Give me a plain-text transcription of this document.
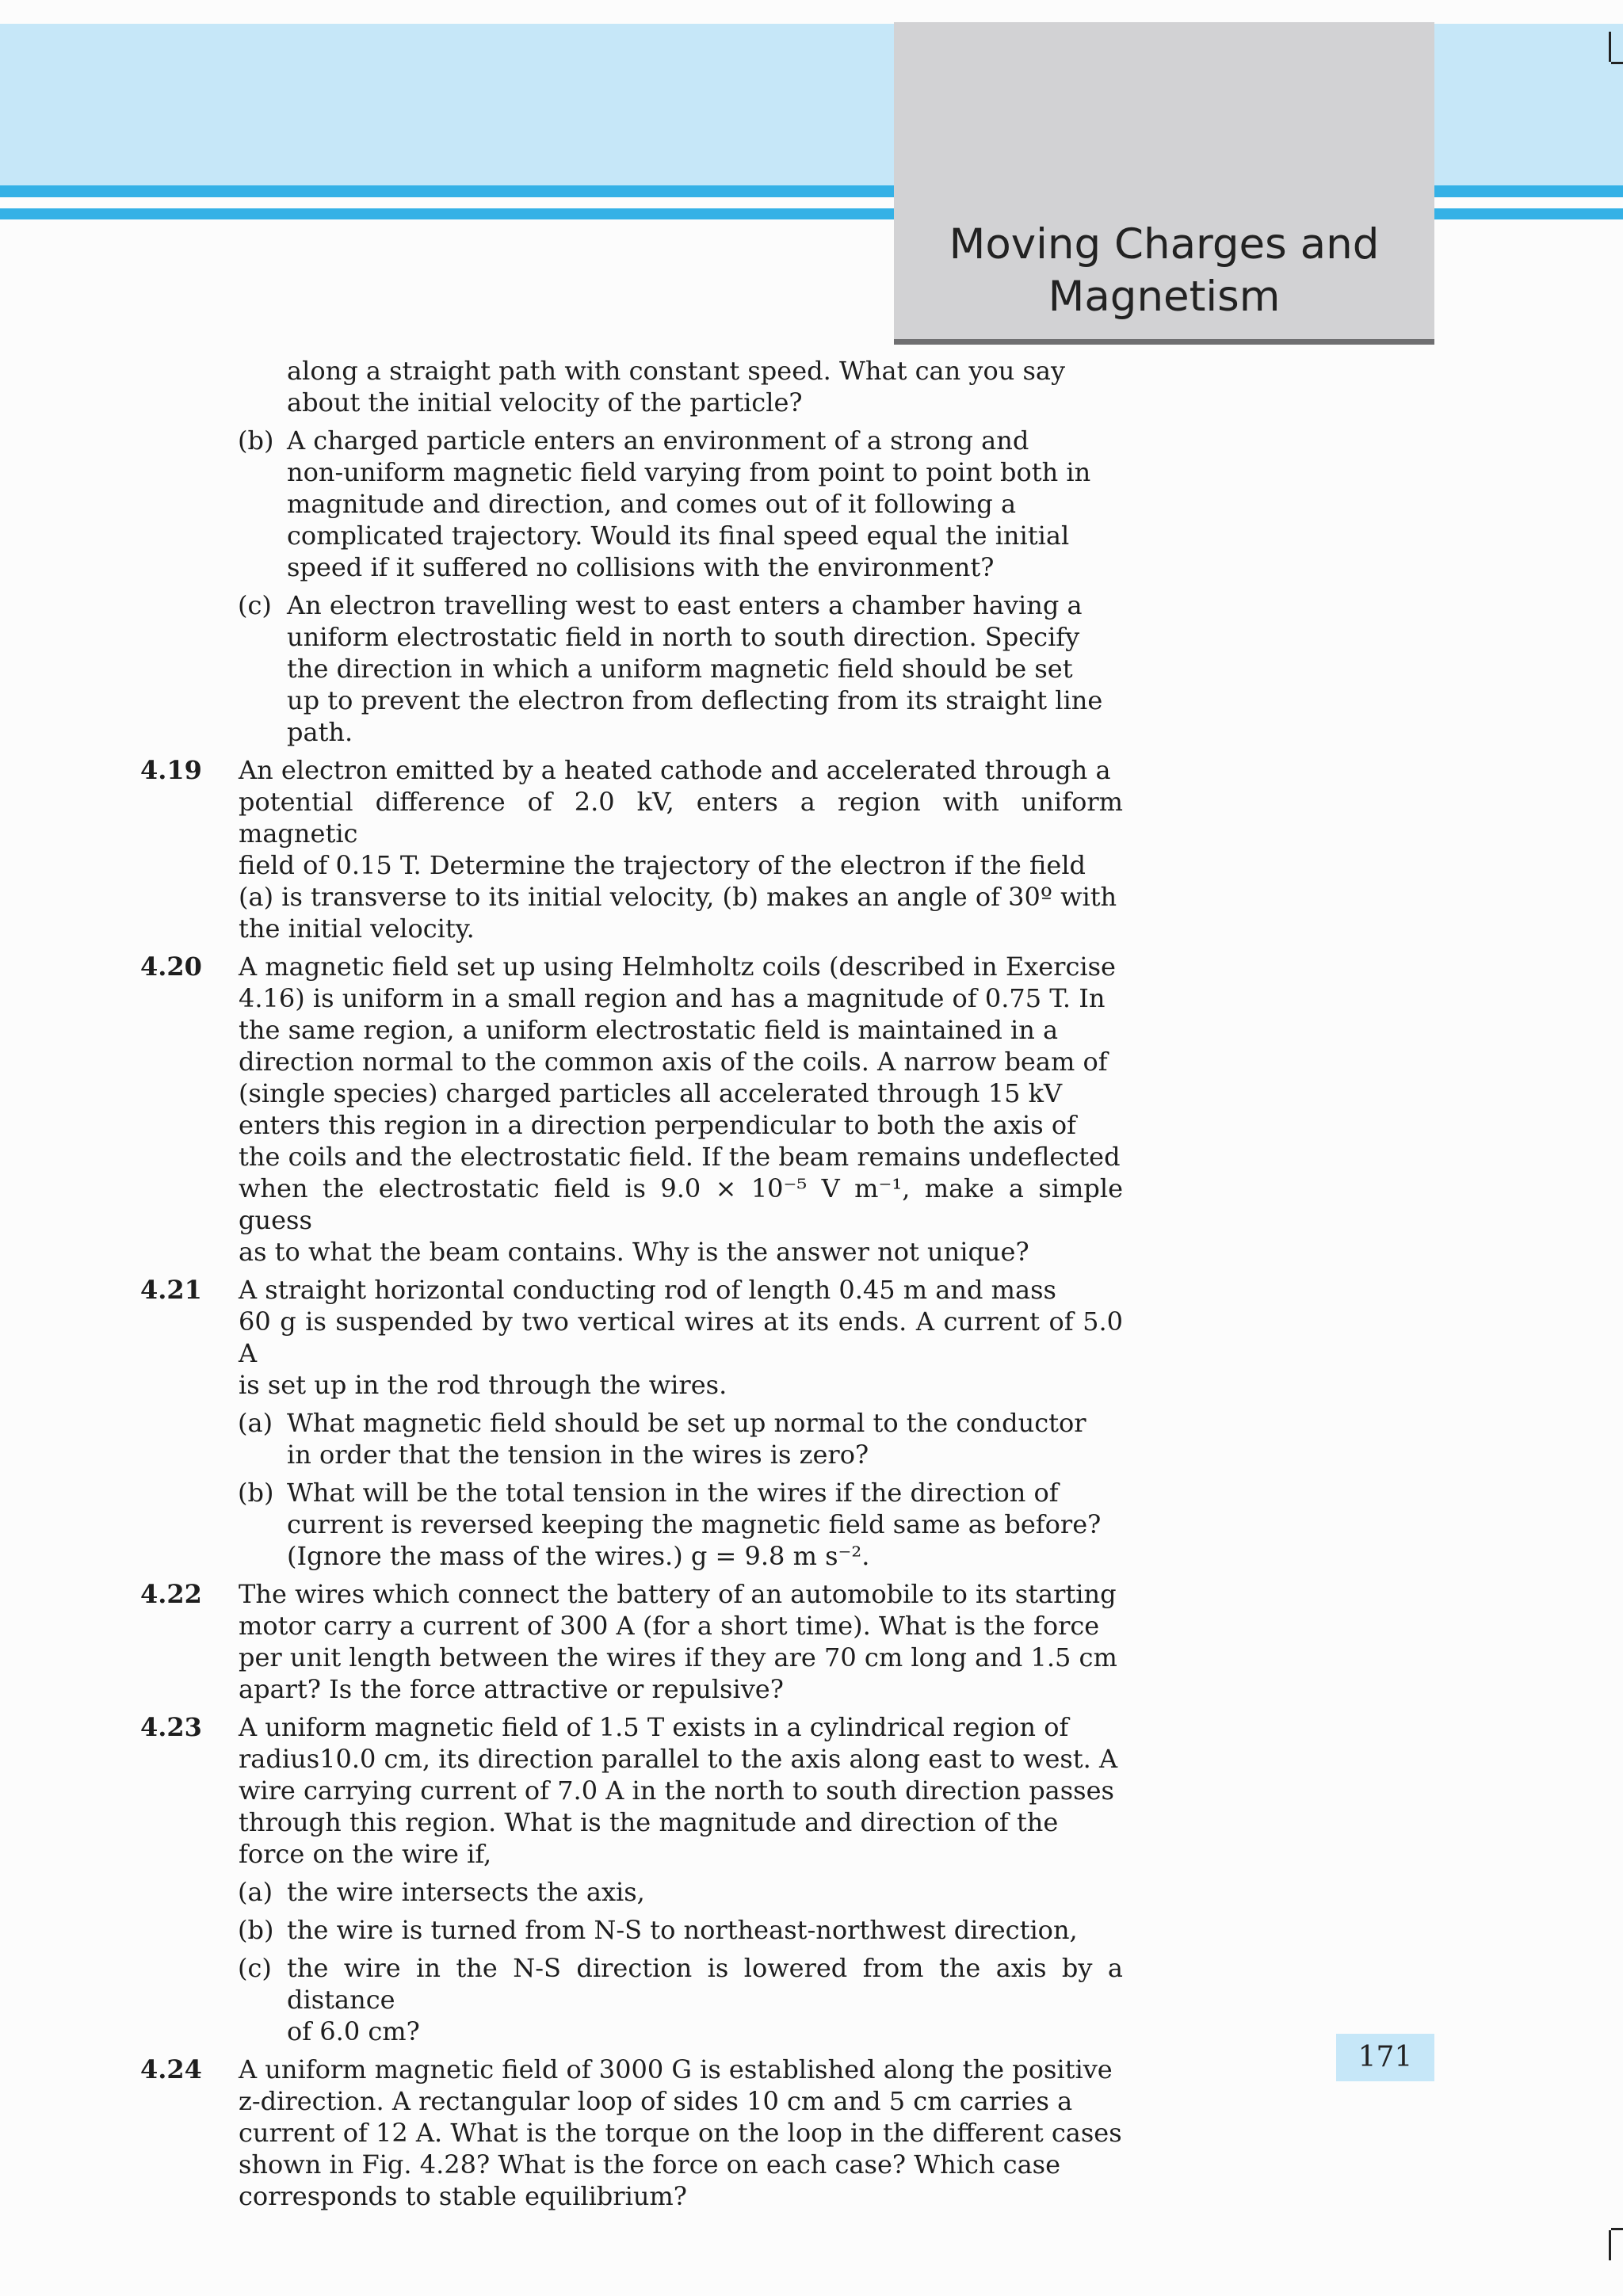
Moving Charges and
Magnetism
along a straight path with constant speed. What can you say
about the initial velocity of the particle?
(b) A charged particle enters an environment of a strong and
non-uniform magnetic field varying from point to point both in
magnitude and direction, and comes out of it following a
complicated trajectory. Would its final speed equal the initial
speed if it suffered no collisions with the environment?
(c) An electron travelling west to east enters a chamber having a
uniform electrostatic field in north to south direction. Specify
the direction in which a uniform magnetic field should be set
up to prevent the electron from deflecting from its straight line
path.
4.19 An electron emitted by a heated cathode and accelerated through a
potential difference of 2.0 kV, enters a region with uniform magnetic
field of 0.15 T. Determine the trajectory of the electron if the field
(a) is transverse to its initial velocity, (b) makes an angle of 30º with
the initial velocity.
4.20 A magnetic field set up using Helmholtz coils (described in Exercise
4.16) is uniform in a small region and has a magnitude of 0.75 T. In
the same region, a uniform electrostatic field is maintained in a
direction normal to the common axis of the coils. A narrow beam of
(single species) charged particles all accelerated through 15 kV
enters this region in a direction perpendicular to both the axis of
the coils and the electrostatic field. If the beam remains undeflected
when the electrostatic field is 9.0 × 10⁻⁵ V m⁻¹, make a simple guess
as to what the beam contains. Why is the answer not unique?
4.21 A straight horizontal conducting rod of length 0.45 m and mass
60 g is suspended by two vertical wires at its ends. A current of 5.0 A
is set up in the rod through the wires.
(a) What magnetic field should be set up normal to the conductor
in order that the tension in the wires is zero?
(b) What will be the total tension in the wires if the direction of
current is reversed keeping the magnetic field same as before?
(Ignore the mass of the wires.) g = 9.8 m s⁻².
4.22 The wires which connect the battery of an automobile to its starting
motor carry a current of 300 A (for a short time). What is the force
per unit length between the wires if they are 70 cm long and 1.5 cm
apart? Is the force attractive or repulsive?
4.23 A uniform magnetic field of 1.5 T exists in a cylindrical region of
radius10.0 cm, its direction parallel to the axis along east to west. A
wire carrying current of 7.0 A in the north to south direction passes
through this region. What is the magnitude and direction of the
force on the wire if,
(a) the wire intersects the axis,
(b) the wire is turned from N-S to northeast-northwest direction,
(c) the wire in the N-S direction is lowered from the axis by a distance
of 6.0 cm?
4.24 A uniform magnetic field of 3000 G is established along the positive
z-direction. A rectangular loop of sides 10 cm and 5 cm carries a
current of 12 A. What is the torque on the loop in the different cases
shown in Fig. 4.28? What is the force on each case? Which case
corresponds to stable equilibrium?
171
